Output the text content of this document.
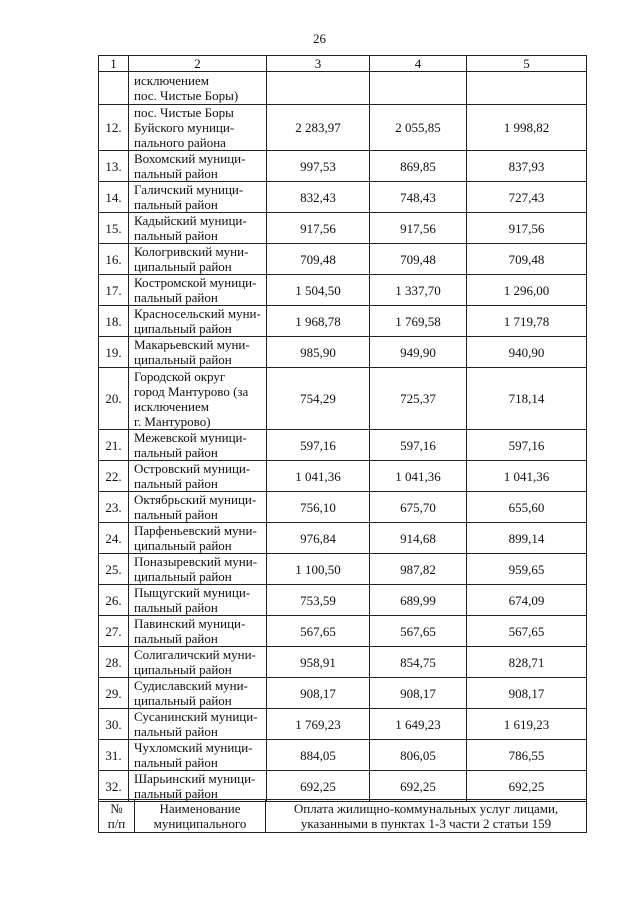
26
1	2	3	4	5

	исключением
пос. Чистые Боры)			

12.	пос. Чистые Боры
Буйского муници-
пального района	2 283,97	2 055,85	1 998,82
13.	Вохомский муници-
пальный район	997,53	869,85	837,93
14.	Галичский муници-
пальный район	832,43	748,43	727,43
15.	Кадыйский муници-
пальный район	917,56	917,56	917,56
16.	Кологривский муни-
ципальный район	709,48	709,48	709,48
17.	Костромской муници-
пальный район	1 504,50	1 337,70	1 296,00
18.	Красносельский муни-
ципальный район	1 968,78	1 769,58	1 719,78
19.	Макарьевский муни-
ципальный район	985,90	949,90	940,90
20.	Городской округ
город Мантурово (за
исключением
г. Мантурово)	754,29	725,37	718,14
21.	Межевской муници-
пальный район	597,16	597,16	597,16
22.	Островский муници-
пальный район	1 041,36	1 041,36	1 041,36
23.	Октябрьский муници-
пальный район	756,10	675,70	655,60
24.	Парфеньевский муни-
ципальный район	976,84	914,68	899,14
25.	Поназыревский муни-
ципальный район	1 100,50	987,82	959,65
26.	Пыщугский муници-
пальный район	753,59	689,99	674,09
27.	Павинский муници-
пальный район	567,65	567,65	567,65
28.	Солигаличский муни-
ципальный район	958,91	854,75	828,71
29.	Судиславский муни-
ципальный район	908,17	908,17	908,17
30.	Сусанинский муници-
пальный район	1 769,23	1 649,23	1 619,23
31.	Чухломский муници-
пальный район	884,05	806,05	786,55
32.	Шарьинский муници-
пальный район	692,25	692,25	692,25
№
п/п

Наименование
муниципального

Оплата жилищно-коммунальных услуг лицами,
указанными в пунктах 1-3 части 2 статьи 159
